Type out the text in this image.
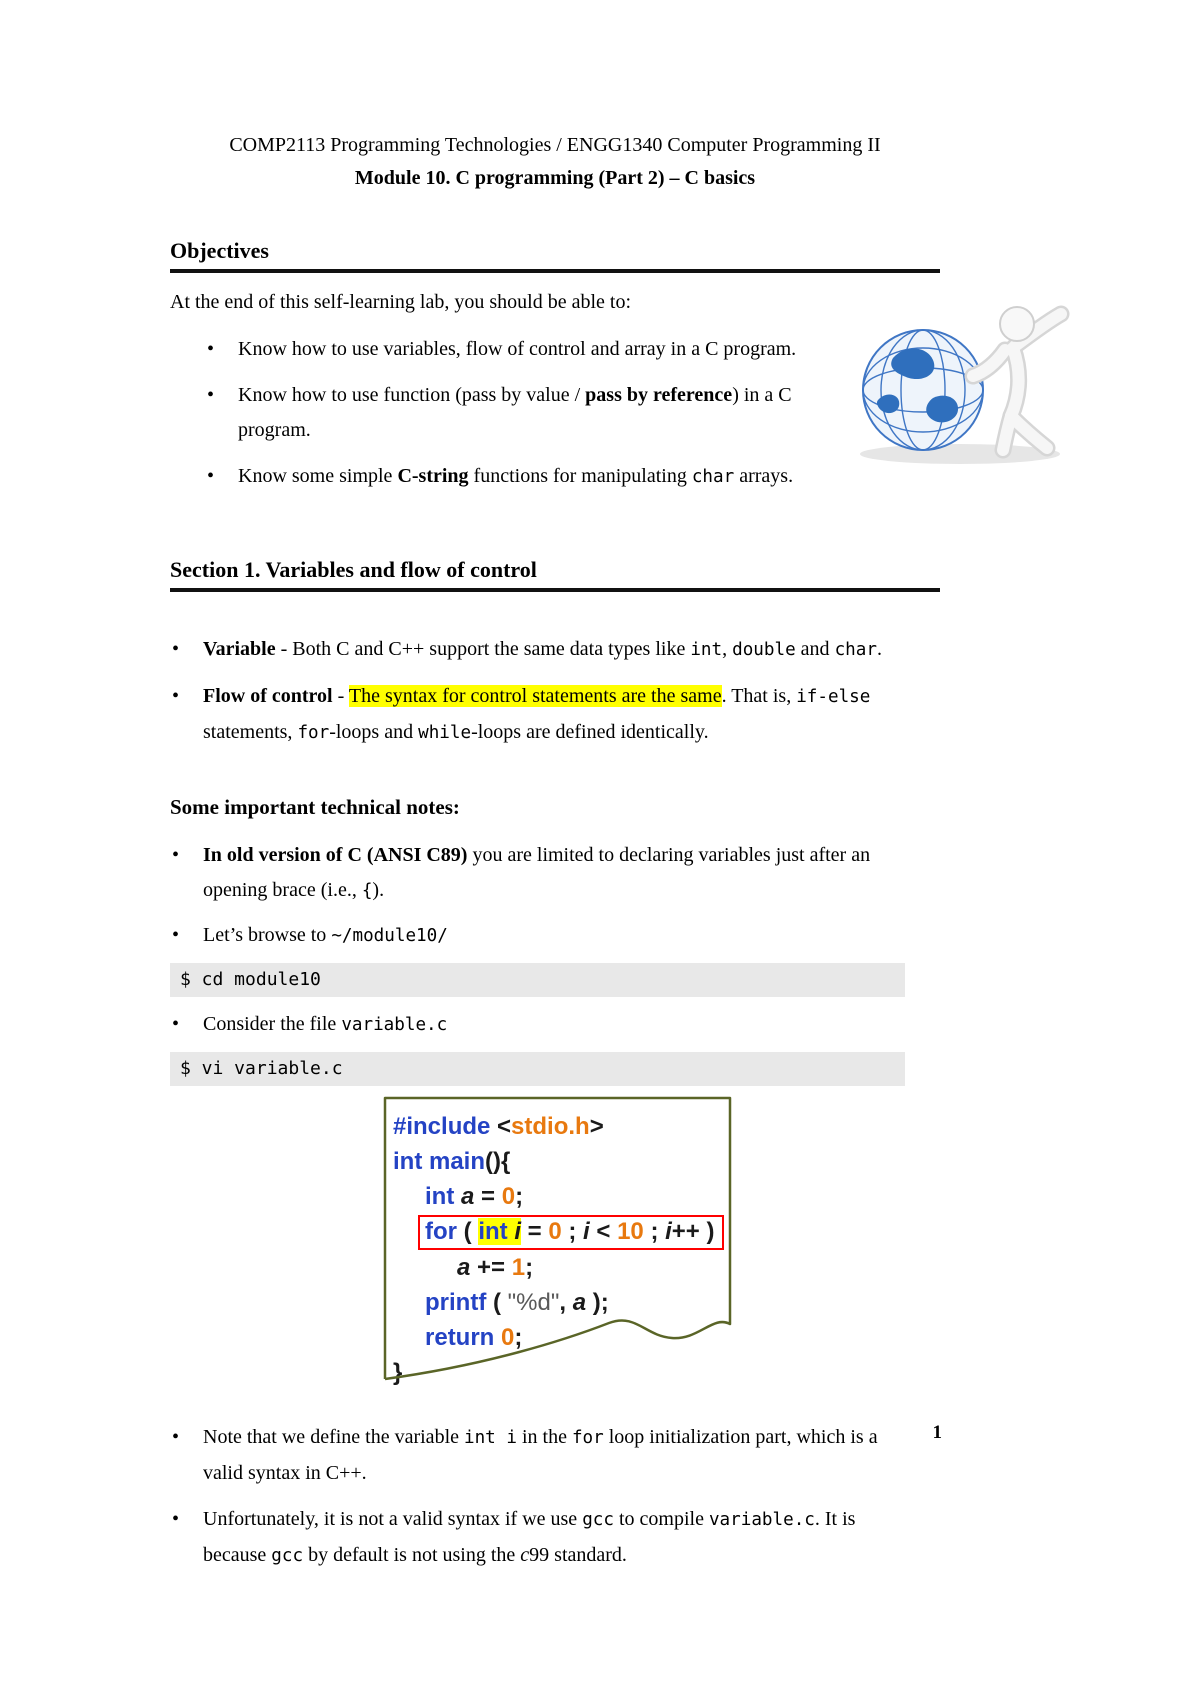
COMP2113 Programming Technologies / ENGG1340 Computer Programming II
Module 10. C programming (Part 2) – C basics
Objectives

At the end of this self-learning lab, you should be able to:

• Know how to use variables, flow of control and array in a C program.
• Know how to use function (pass by value / pass by reference) in a C program.
• Know some simple C-string functions for manipulating char arrays.
Section 1. Variables and flow of control
• Variable - Both C and C++ support the same data types like int, double and char.
• Flow of control - The syntax for control statements are the same. That is, if-else statements, for-loops and while-loops are defined identically.
Some important technical notes:
• In old version of C (ANSI C89) you are limited to declaring variables just after an opening brace (i.e., {).
• Let’s browse to ~/module10/
$ cd module10
• Consider the file variable.c
$ vi variable.c
#include <stdio.h>
int main(){
int a = 0;
for ( int i = 0 ; i < 10 ; i++ )
a += 1;
printf ( "%d", a );
return 0;
}
• Note that we define the variable int i in the for loop initialization part, which is a valid syntax in C++.
• Unfortunately, it is not a valid syntax if we use gcc to compile variable.c. It is because gcc by default is not using the c99 standard.
1
